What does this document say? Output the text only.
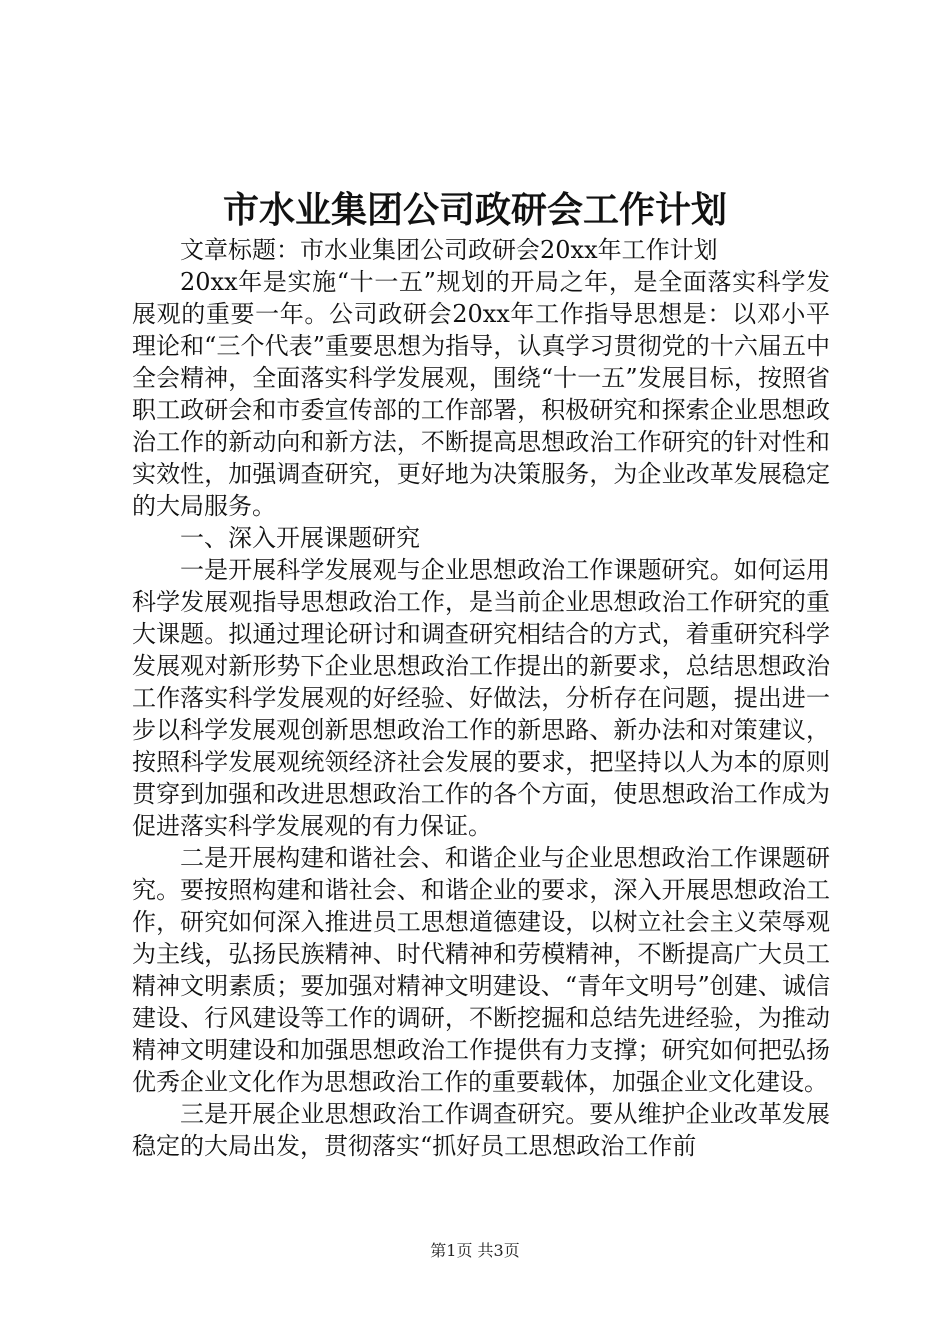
市水业集团公司政研会工作计划

文章标题：市水业集团公司政研会20xx年工作计划

20xx年是实施“十一五”规划的开局之年，是全面落实科学发展观的重要一年。公司政研会20xx年工作指导思想是：以邓小平理论和“三个代表”重要思想为指导，认真学习贯彻党的十六届五中全会精神，全面落实科学发展观，围绕“十一五”发展目标，按照省职工政研会和市委宣传部的工作部署，积极研究和探索企业思想政治工作的新动向和新方法，不断提高思想政治工作研究的针对性和实效性，加强调查研究，更好地为决策服务，为企业改革发展稳定的大局服务。

一、深入开展课题研究

一是开展科学发展观与企业思想政治工作课题研究。如何运用科学发展观指导思想政治工作，是当前企业思想政治工作研究的重大课题。拟通过理论研讨和调查研究相结合的方式，着重研究科学发展观对新形势下企业思想政治工作提出的新要求，总结思想政治工作落实科学发展观的好经验、好做法，分析存在问题，提出进一步以科学发展观创新思想政治工作的新思路、新办法和对策建议，按照科学发展观统领经济社会发展的要求，把坚持以人为本的原则贯穿到加强和改进思想政治工作的各个方面，使思想政治工作成为促进落实科学发展观的有力保证。

二是开展构建和谐社会、和谐企业与企业思想政治工作课题研究。要按照构建和谐社会、和谐企业的要求，深入开展思想政治工作，研究如何深入推进员工思想道德建设，以树立社会主义荣辱观为主线，弘扬民族精神、时代精神和劳模精神，不断提高广大员工精神文明素质；要加强对精神文明建设、“青年文明号”创建、诚信建设、行风建设等工作的调研，不断挖掘和总结先进经验，为推动精神文明建设和加强思想政治工作提供有力支撑；研究如何把弘扬优秀企业文化作为思想政治工作的重要载体，加强企业文化建设。

三是开展企业思想政治工作调查研究。要从维护企业改革发展稳定的大局出发，贯彻落实“抓好员工思想政治工作前

第1页 共3页
